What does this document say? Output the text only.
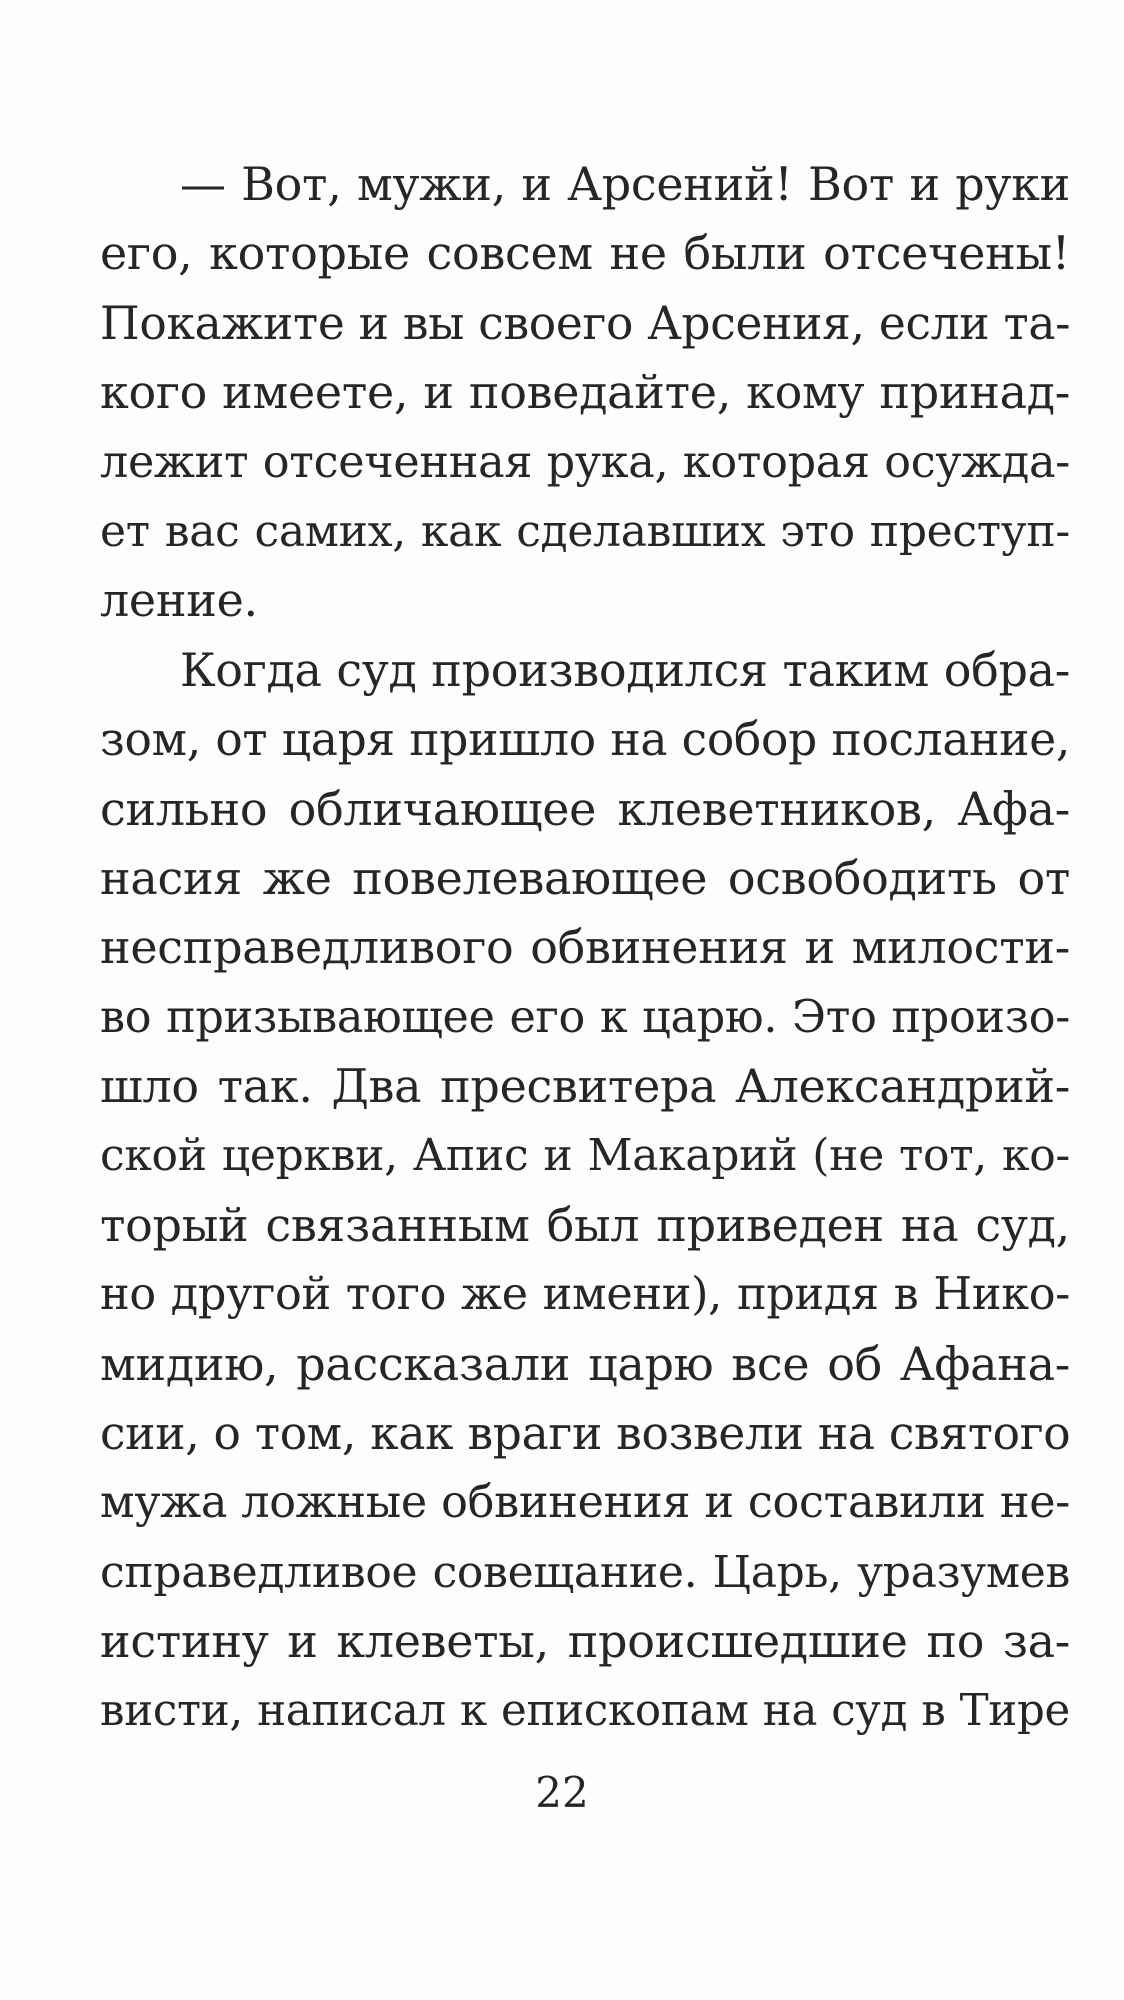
— Вот, мужи, и Арсений! Вот и руки
его, которые совсем не были отсечены!
Покажите и вы своего Арсения, если та-
кого имеете, и поведайте, кому принад-
лежит отсеченная рука, которая осужда-
ет вас самих, как сделавших это преступ-
ление.
Когда суд производился таким обра-
зом, от царя пришло на собор послание,
сильно обличающее клеветников, Афа-
насия же повелевающее освободить от
несправедливого обвинения и милости-
во призывающее его к царю. Это произо-
шло так. Два пресвитера Александрий-
ской церкви, Апис и Макарий (не тот, ко-
торый связанным был приведен на суд,
но другой того же имени), придя в Нико-
мидию, рассказали царю все об Афана-
сии, о том, как враги возвели на святого
мужа ложные обвинения и составили не-
справедливое совещание. Царь, уразумев
истину и клеветы, происшедшие по за-
висти, написал к епископам на суд в Тире
22
